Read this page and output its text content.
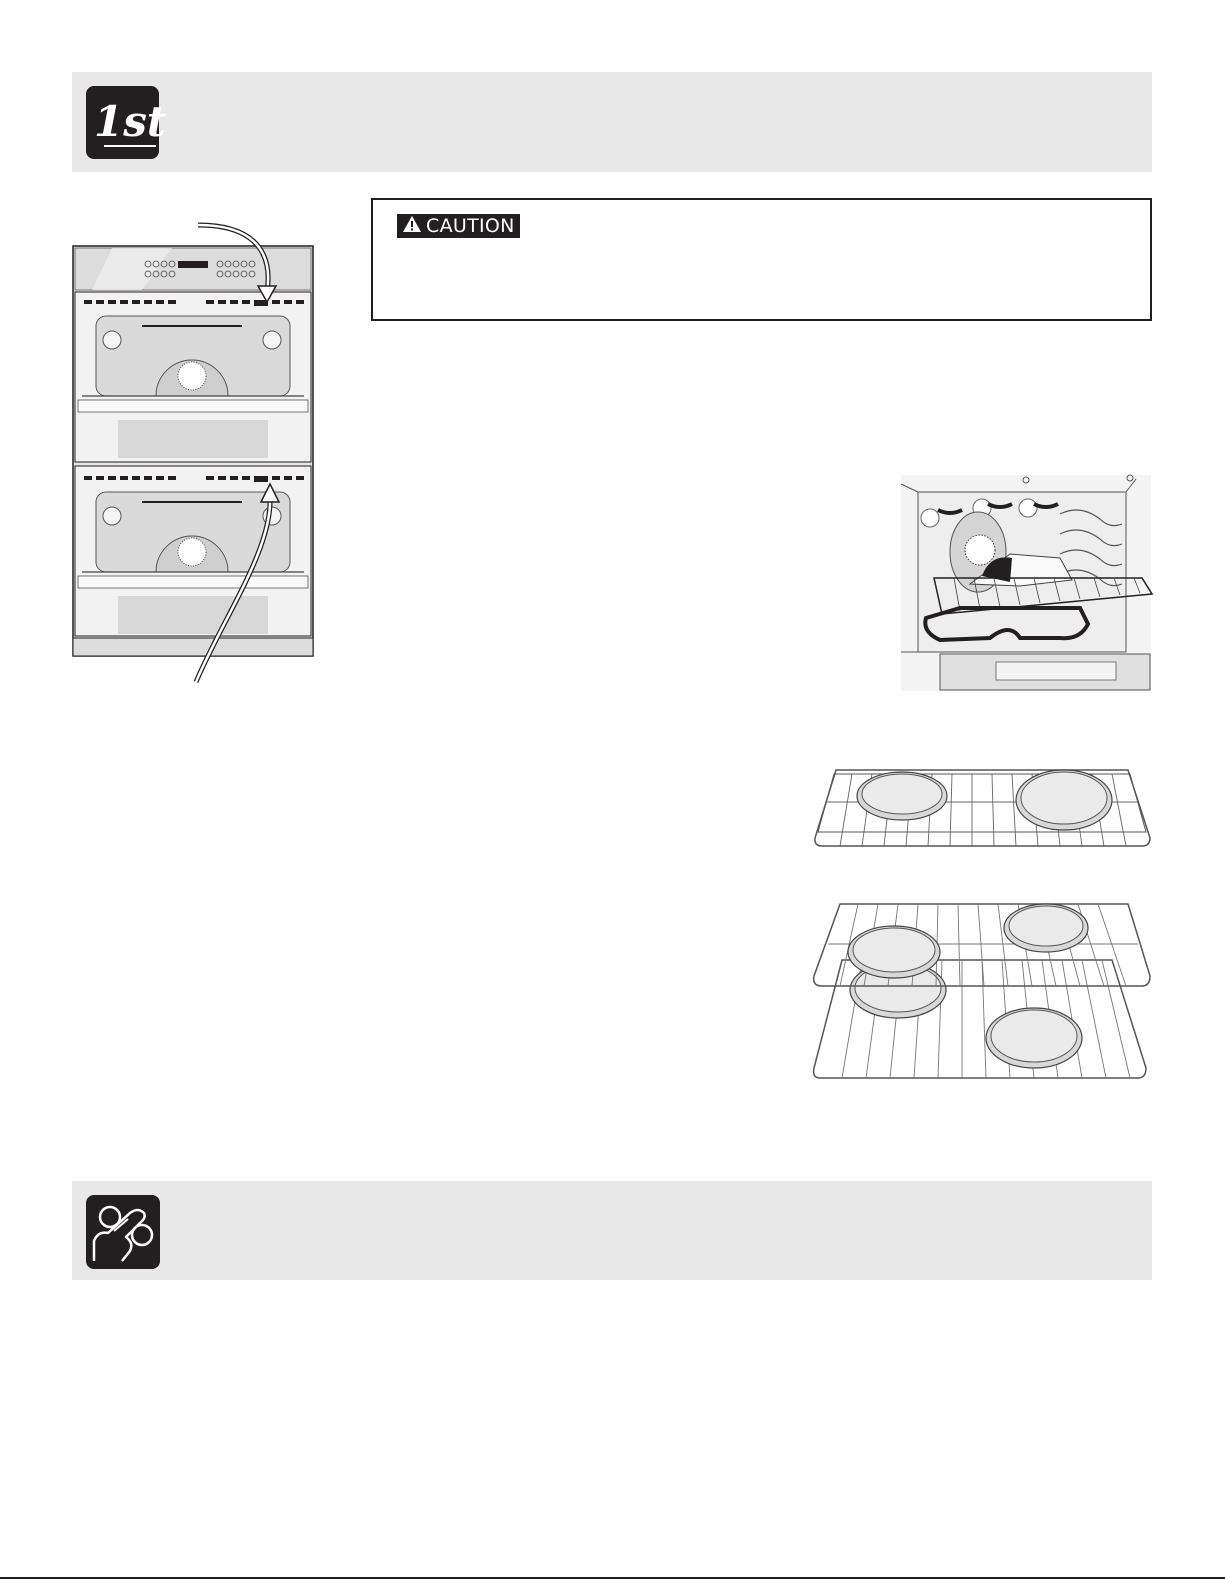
1st
CAUTION
